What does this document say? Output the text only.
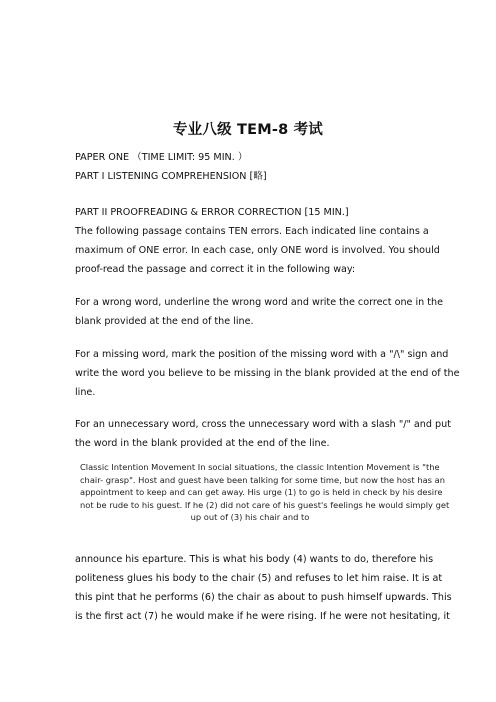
专业八级 TEM-8 考试
PAPER ONE （TIME LIMIT: 95 MIN. ）
PART I LISTENING COMPREHENSION [略]
PART II PROOFREADING & ERROR CORRECTION [15 MIN.]
The following passage contains TEN errors. Each indicated line contains a
maximum of ONE error. In each case, only ONE word is involved. You should
proof-read the passage and correct it in the following way:
For a wrong word, underline the wrong word and write the correct one in the
blank provided at the end of the line.
For a missing word, mark the position of the missing word with a "/\" sign and
write the word you believe to be missing in the blank provided at the end of the
line.
For an unnecessary word, cross the unnecessary word with a slash "/" and put
the word in the blank provided at the end of the line.
Classic Intention Movement In social situations, the classic Intention Movement is "the
chair- grasp". Host and guest have been talking for some time, but now the host has an
appointment to keep and can get away. His urge (1) to go is held in check by his desire
not be rude to his guest. If he (2) did not care of his guest's feelings he would simply get
up out of (3) his chair and to
announce his eparture. This is what his body (4) wants to do, therefore his
politeness glues his body to the chair (5) and refuses to let him raise. It is at
this pint that he performs (6) the chair as about to push himself upwards. This
is the first act (7) he would make if he were rising. If he were not hesitating, it
